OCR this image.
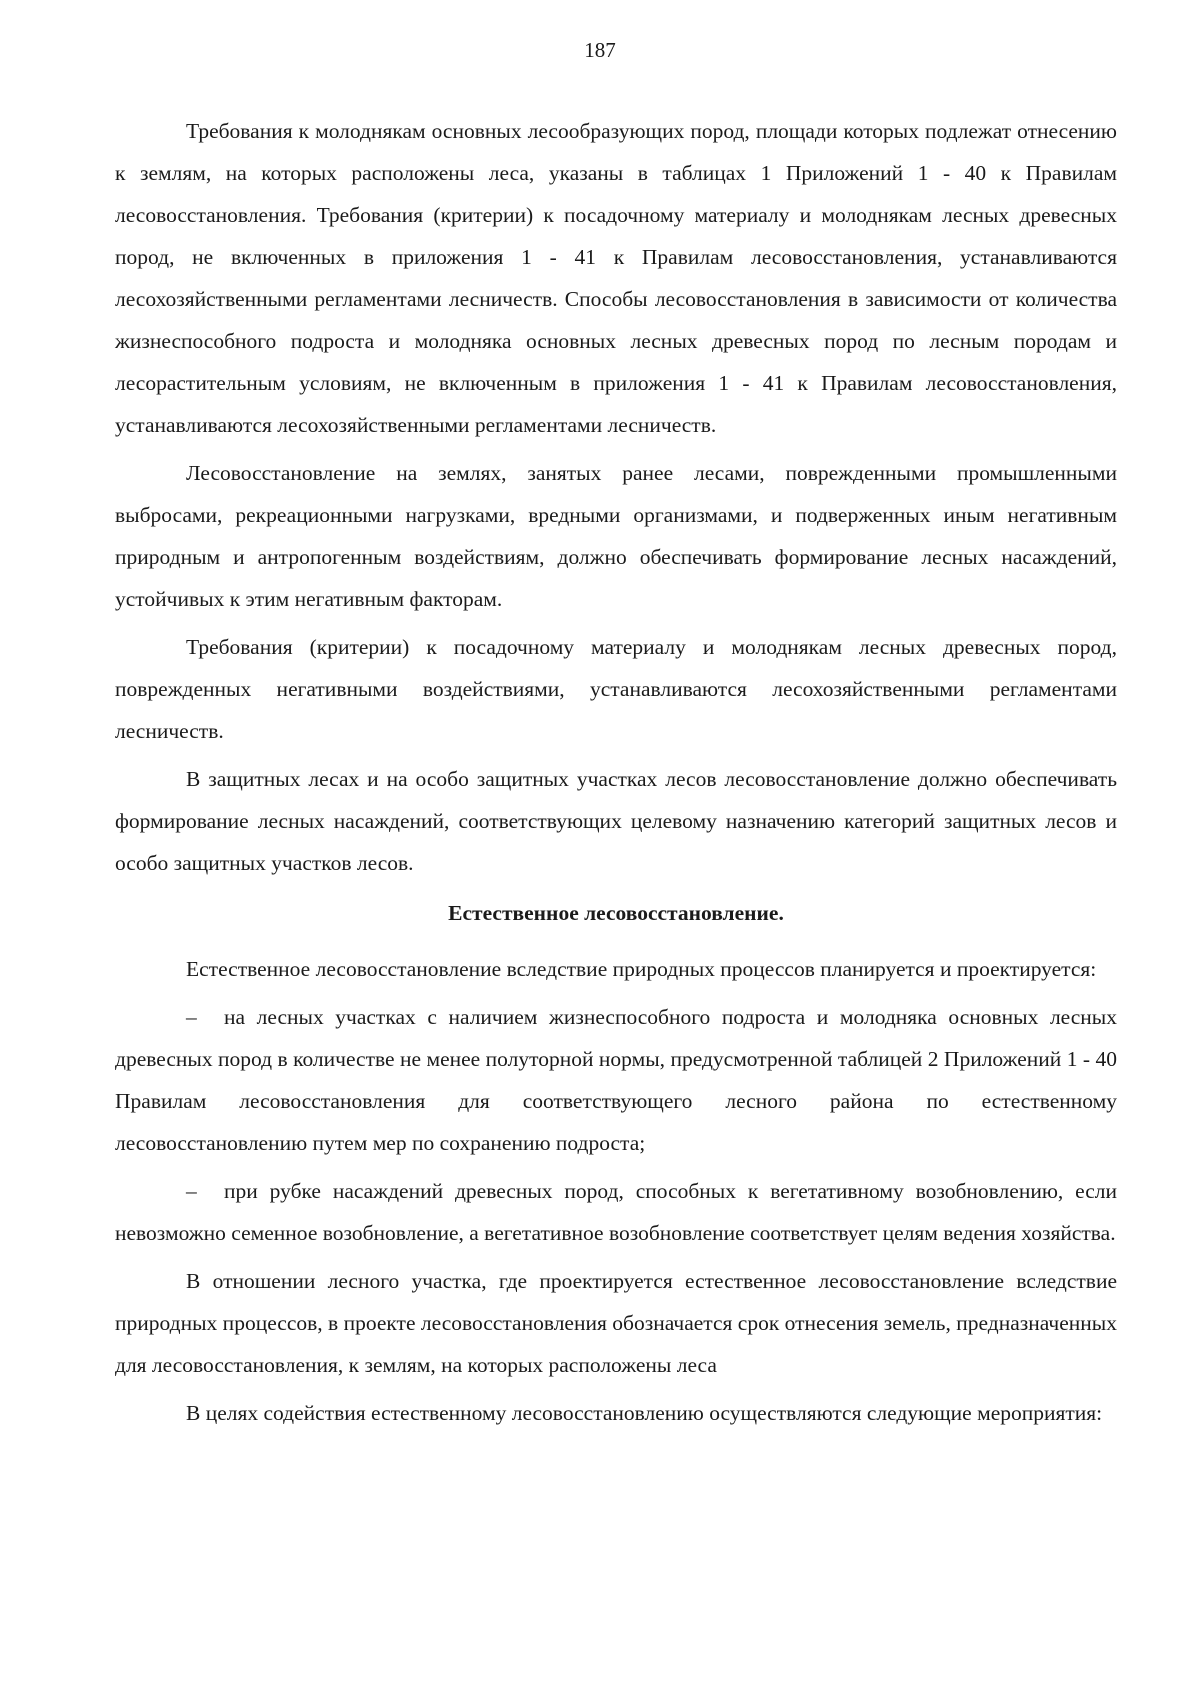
187

Требования к молоднякам основных лесообразующих пород, площади которых подлежат отнесению к землям, на которых расположены леса, указаны в таблицах 1 Приложений 1 - 40 к Правилам лесовосстановления. Требования (критерии) к посадочному материалу и молоднякам лесных древесных пород, не включенных в приложения 1 - 41 к Правилам лесовосстановления, устанавливаются лесохозяйственными регламентами лесничеств. Способы лесовосстановления в зависимости от количества жизнеспособного подроста и молодняка основных лесных древесных пород по лесным породам и лесорастительным условиям, не включенным в приложения 1 - 41 к Правилам лесовосстановления, устанавливаются лесохозяйственными регламентами лесничеств.

Лесовосстановление на землях, занятых ранее лесами, поврежденными промышленными выбросами, рекреационными нагрузками, вредными организмами, и подверженных иным негативным природным и антропогенным воздействиям, должно обеспечивать формирование лесных насаждений, устойчивых к этим негативным факторам.

Требования (критерии) к посадочному материалу и молоднякам лесных древесных пород, поврежденных негативными воздействиями, устанавливаются лесохозяйственными регламентами лесничеств.

В защитных лесах и на особо защитных участках лесов лесовосстановление должно обеспечивать формирование лесных насаждений, соответствующих целевому назначению категорий защитных лесов и особо защитных участков лесов.

Естественное лесовосстановление.

Естественное лесовосстановление вследствие природных процессов планируется и проектируется:

– на лесных участках с наличием жизнеспособного подроста и молодняка основных лесных древесных пород в количестве не менее полуторной нормы, предусмотренной таблицей 2 Приложений 1 - 40 Правилам лесовосстановления для соответствующего лесного района по естественному лесовосстановлению путем мер по сохранению подроста;

– при рубке насаждений древесных пород, способных к вегетативному возобновлению, если невозможно семенное возобновление, а вегетативное возобновление соответствует целям ведения хозяйства.

В отношении лесного участка, где проектируется естественное лесовосстановление вследствие природных процессов, в проекте лесовосстановления обозначается срок отнесения земель, предназначенных для лесовосстановления, к землям, на которых расположены леса

В целях содействия естественному лесовосстановлению осуществляются следующие мероприятия:
